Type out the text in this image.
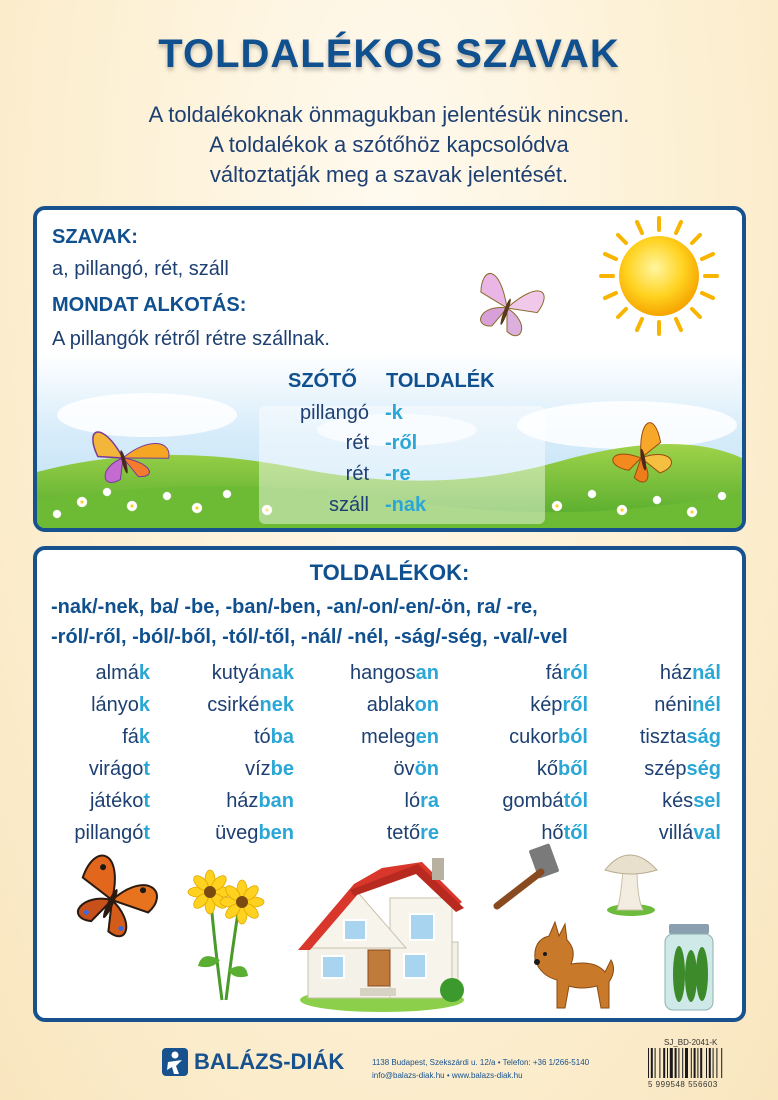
TOLDALÉKOS SZAVAK
A toldalékoknak önmagukban jelentésük nincsen.
A toldalékok a szótőhöz kapcsolódva
változtatják meg a szavak jelentését.
SZAVAK:
a, pillangó, rét, száll
MONDAT ALKOTÁS:
A pillangók rétről rétre szállnak.
SZÓTŐ TOLDALÉK
pillangó -k
rét -ről
rét -re
száll -nak
TOLDALÉKOK:
-nak/-nek, ba/ -be, -ban/-ben, -an/-on/-en/-ön, ra/ -re,
-ról/-ről, -ból/-ből, -tól/-től, -nál/ -nél, -ság/-ség, -val/-vel
almák
lányok
fák
virágot
játékot
pillangót
kutyának
csirkének
tóba
vízbe
házban
üvegben
hangosan
ablakon
melegen
övön
lóra
tetőre
fáról
képről
cukorból
kőből
gombától
hőtől
háznál
néninél
tisztaság
szépség
késsel
villával
BALÁZS-DIÁK	1138 Budapest, Szekszárdi u. 12/a • Telefon: +36 1/266-5140
info@balazs-diak.hu • www.balazs-diak.hu
SJ_BD-2041-K
5 999548 556603
